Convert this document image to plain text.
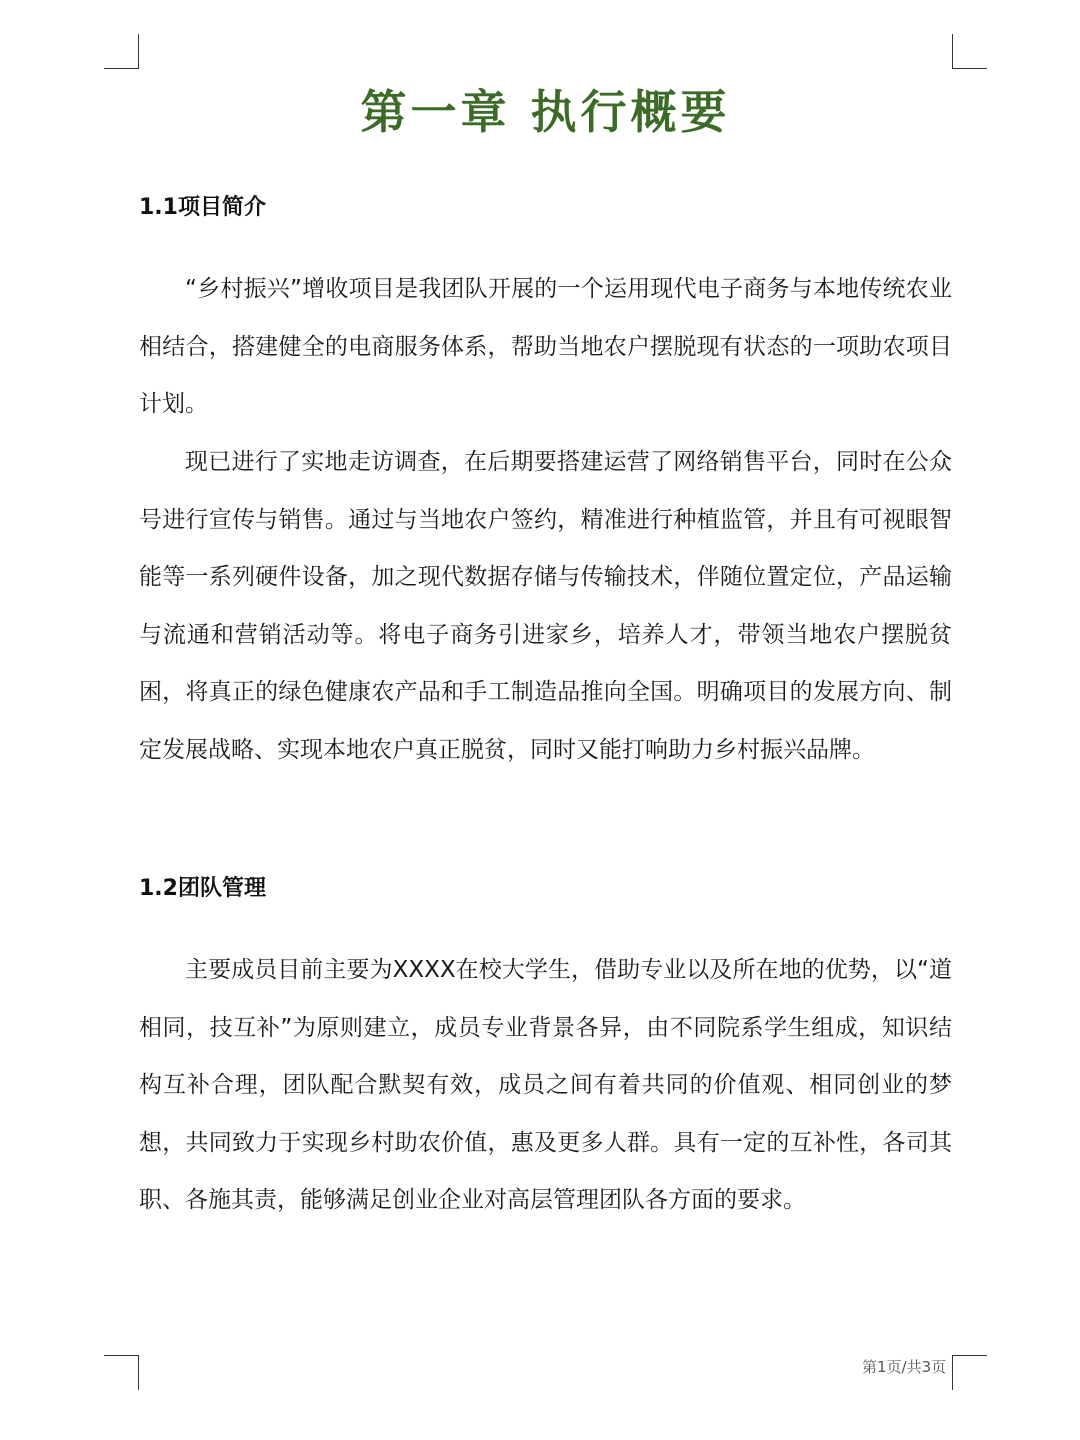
第一章 执行概要
1.1项目简介

“乡村振兴”增收项目是我团队开展的一个运用现代电子商务与本地传统农业相结合，搭建健全的电商服务体系，帮助当地农户摆脱现有状态的一项助农项目计划。

现已进行了实地走访调查，在后期要搭建运营了网络销售平台，同时在公众号进行宣传与销售。通过与当地农户签约，精准进行种植监管，并且有可视眼智能等一系列硬件设备，加之现代数据存储与传输技术，伴随位置定位，产品运输与流通和营销活动等。将电子商务引进家乡，培养人才，带领当地农户摆脱贫困，将真正的绿色健康农产品和手工制造品推向全国。明确项目的发展方向、制定发展战略、实现本地农户真正脱贫，同时又能打响助力乡村振兴品牌。

1.2团队管理

主要成员目前主要为XXXX在校大学生，借助专业以及所在地的优势，以“道相同，技互补”为原则建立，成员专业背景各异，由不同院系学生组成，知识结构互补合理，团队配合默契有效，成员之间有着共同的价值观、相同创业的梦想，共同致力于实现乡村助农价值，惠及更多人群。具有一定的互补性，各司其职、各施其责，能够满足创业企业对高层管理团队各方面的要求。

第1页/共3页
